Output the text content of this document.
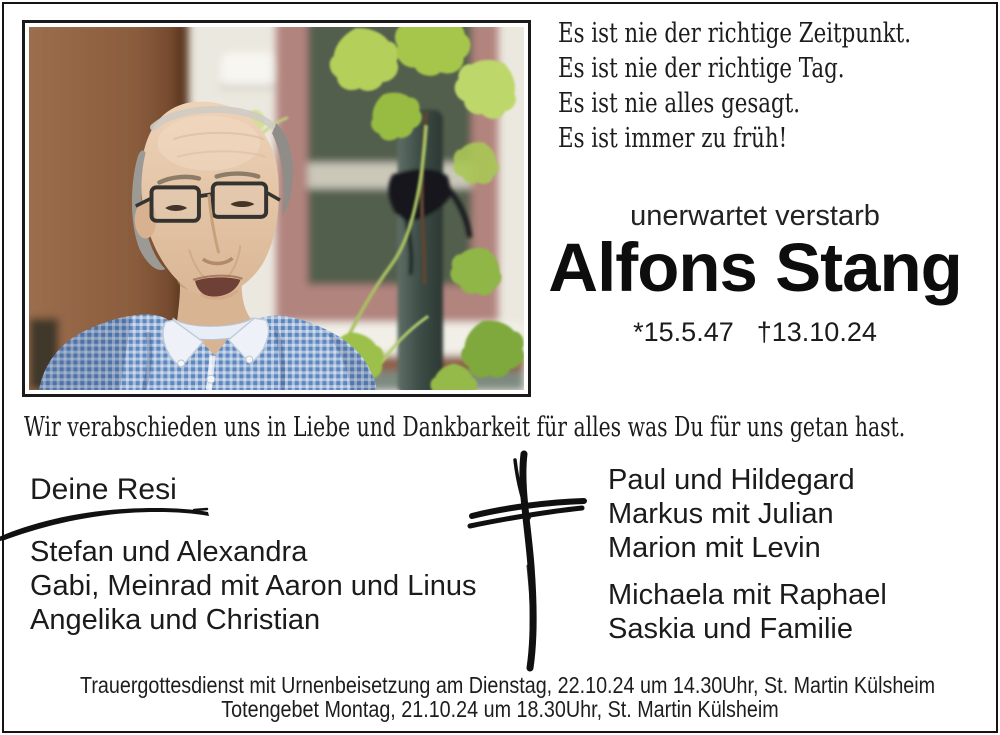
Es ist nie der richtige Zeitpunkt.
Es ist nie der richtige Tag.
Es ist nie alles gesagt.
Es ist immer zu früh!
unerwartet verstarb
Alfons Stang
*15.5.47 †13.10.24
Wir verabschieden uns in Liebe und Dankbarkeit für alles was Du für uns getan hast.
Deine Resi
Stefan und Alexandra
Gabi, Meinrad mit Aaron und Linus
Angelika und Christian
Paul und Hildegard
Markus mit Julian
Marion mit Levin
Michaela mit Raphael
Saskia und Familie
Trauergottesdienst mit Urnenbeisetzung am Dienstag, 22.10.24 um 14.30Uhr, St. Martin Külsheim
Totengebet Montag, 21.10.24 um 18.30Uhr, St. Martin Külsheim
